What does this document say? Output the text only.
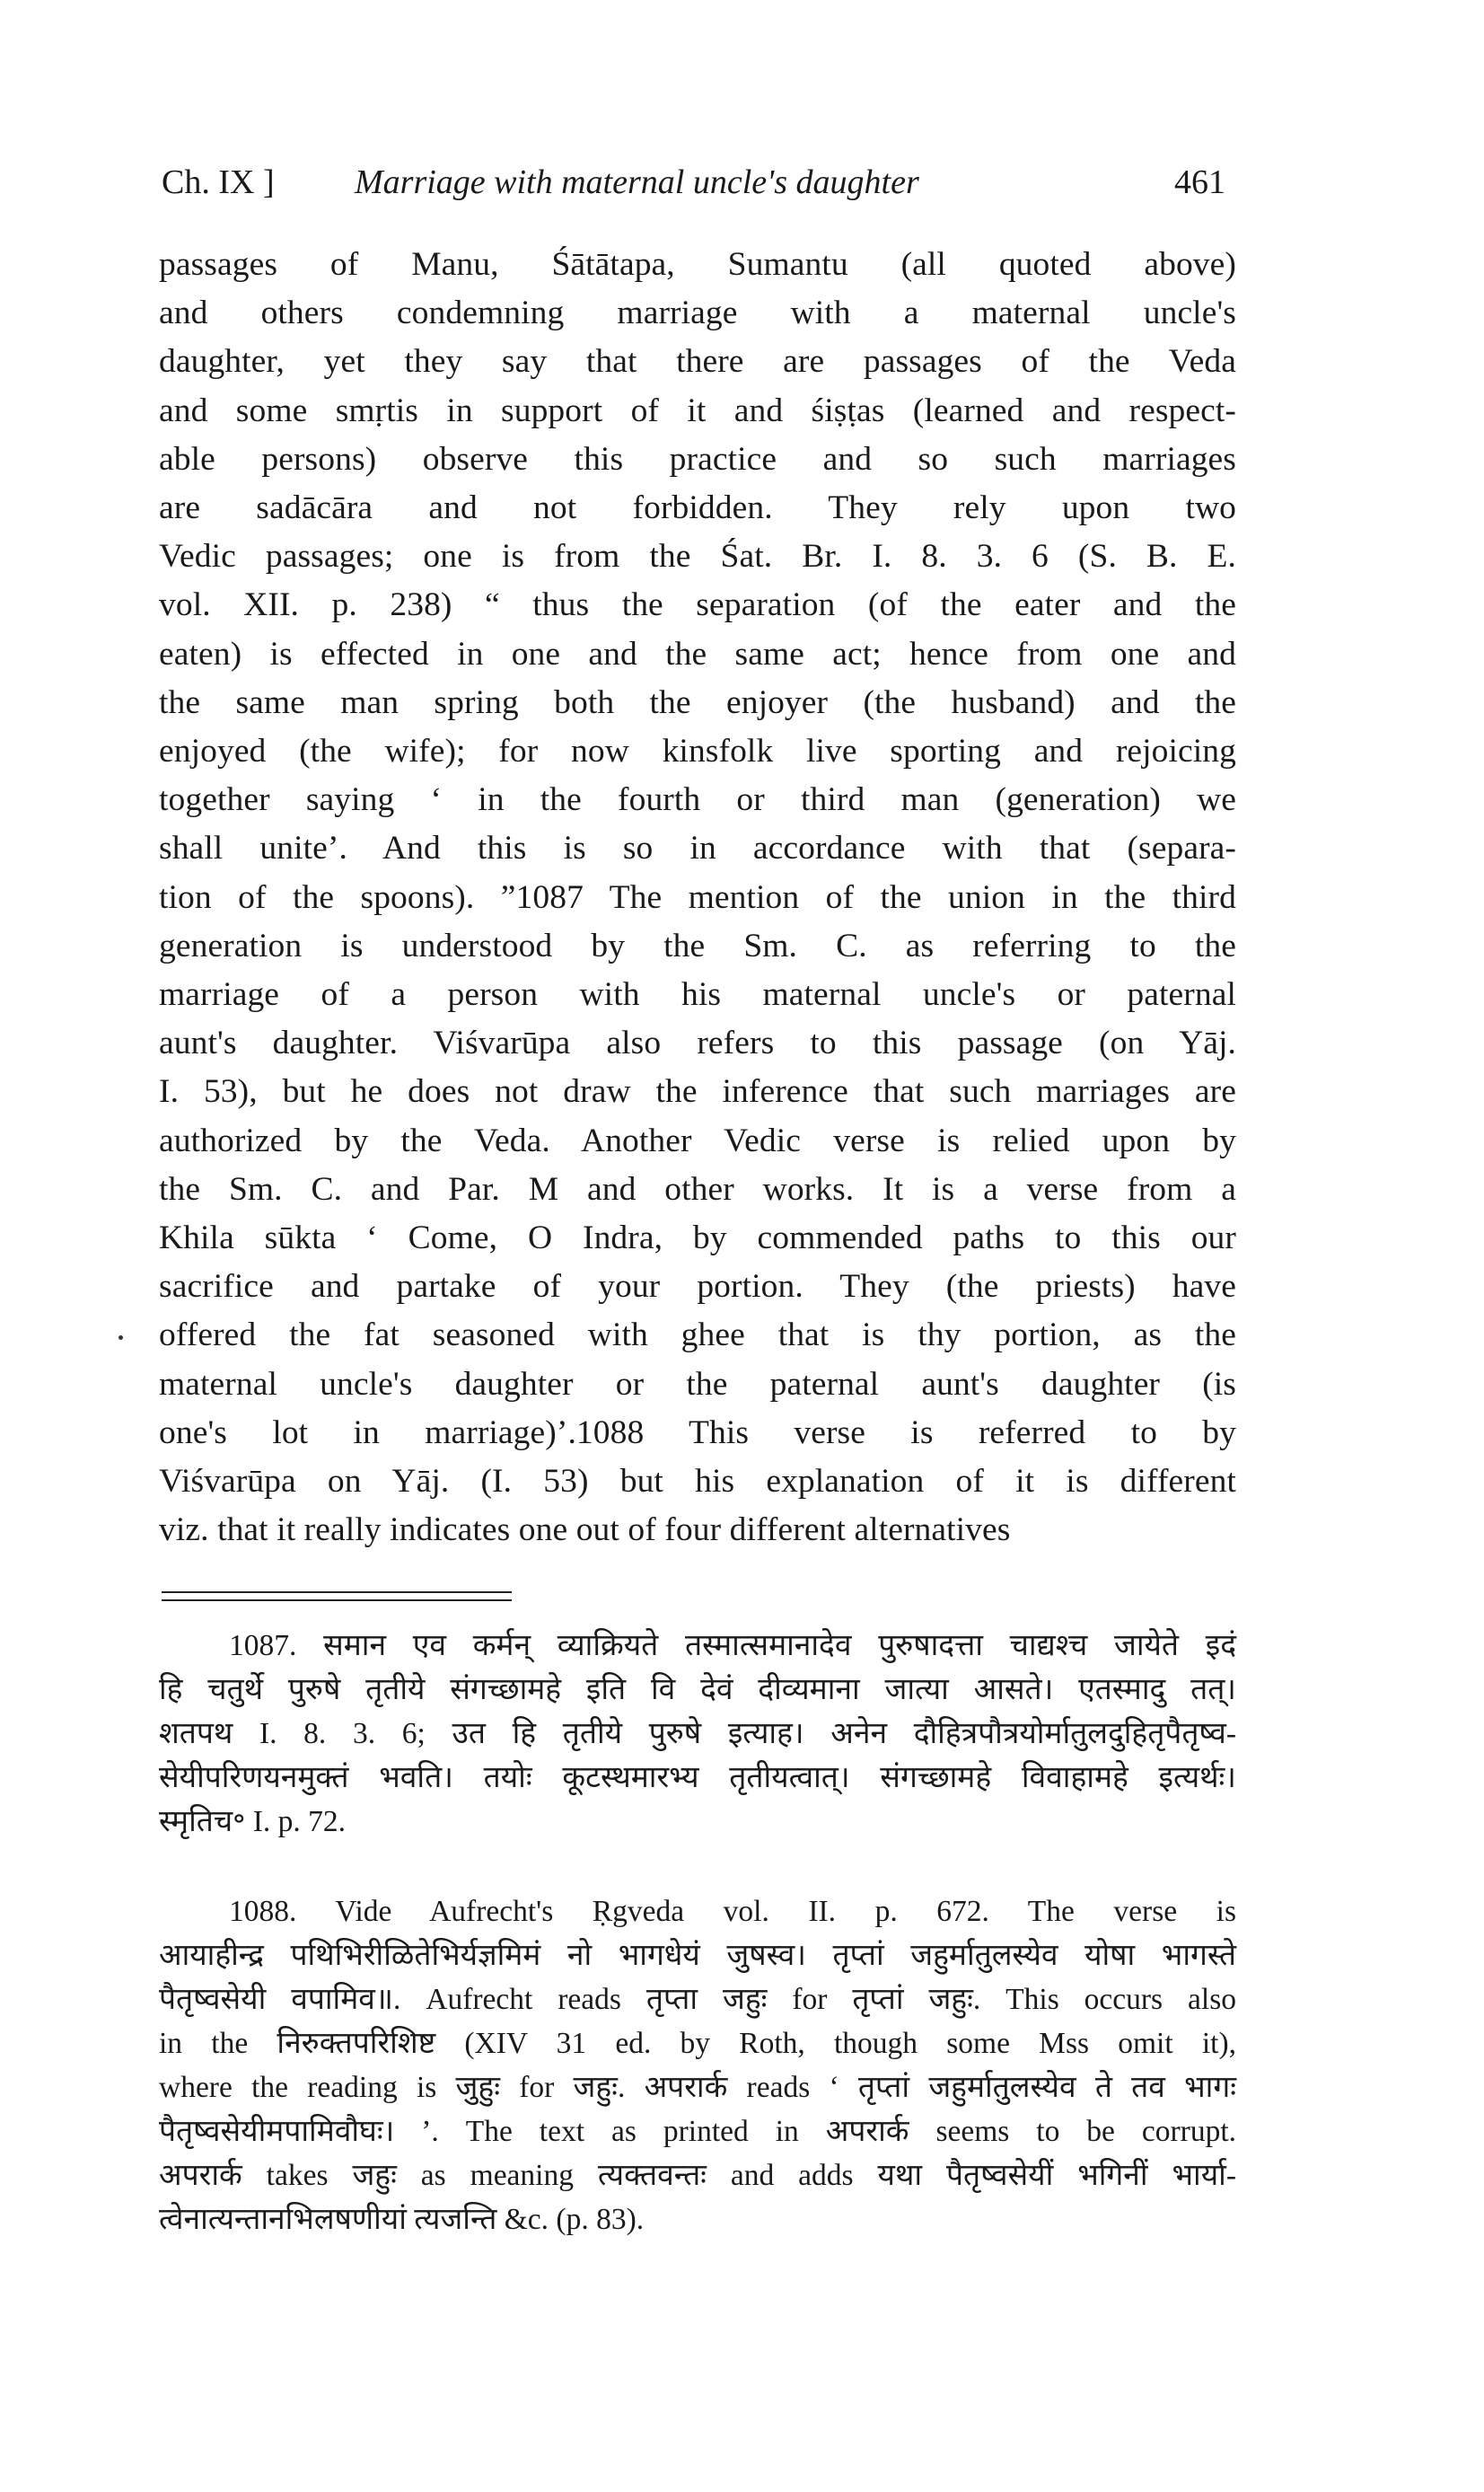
Ch. IX ] Marriage with maternal uncle's daughter	461
passages of Manu, Śātātapa, Sumantu (all quoted above)
and others condemning marriage with a maternal uncle's
daughter, yet they say that there are passages of the Veda
and some smṛtis in support of it and śiṣṭas (learned and respect-
able persons) observe this practice and so such marriages
are sadācāra and not forbidden. They rely upon two
Vedic passages; one is from the Śat. Br. I. 8. 3. 6 (S. B. E.
vol. XII. p. 238) “ thus the separation (of the eater and the
eaten) is effected in one and the same act; hence from one and
the same man spring both the enjoyer (the husband) and the
enjoyed (the wife); for now kinsfolk live sporting and rejoicing
together saying ‘ in the fourth or third man (generation) we
shall unite’. And this is so in accordance with that (separa-
tion of the spoons). ”1087 The mention of the union in the third
generation is understood by the Sm. C. as referring to the
marriage of a person with his maternal uncle's or paternal
aunt's daughter. Viśvarūpa also refers to this passage (on Yāj.
I. 53), but he does not draw the inference that such marriages are
authorized by the Veda. Another Vedic verse is relied upon by
the Sm. C. and Par. M and other works. It is a verse from a
Khila sūkta ‘ Come, O Indra, by commended paths to this our
sacrifice and partake of your portion. They (the priests) have
offered the fat seasoned with ghee that is thy portion, as the
maternal uncle's daughter or the paternal aunt's daughter (is
one's lot in marriage)’.1088 This verse is referred to by
Viśvarūpa on Yāj. (I. 53) but his explanation of it is different
viz. that it really indicates one out of four different alternatives
1087. समान एव कर्मन् व्याक्रियते तस्मात्समानादेव पुरुषादत्ता चाद्यश्च जायेते इदं
हि चतुर्थे पुरुषे तृतीये संगच्छामहे इति वि देवं दीव्यमाना जात्या आसते। एतस्मादु तत्।
शतपथ I. 8. 3. 6; उत हि तृतीये पुरुषे इत्याह। अनेन दौहित्रपौत्रयोर्मातुलदुहितृपैतृष्व-
सेयीपरिणयनमुक्तं भवति। तयोः कूटस्थमारभ्य तृतीयत्वात्। संगच्छामहे विवाहामहे इत्यर्थः।
स्मृतिच॰ I. p. 72.
1088. Vide Aufrecht's Ṛgveda vol. II. p. 672. The verse is
आयाहीन्द्र पथिभिरीळितेभिर्यज्ञमिमं नो भागधेयं जुषस्व। तृप्तां जहुर्मातुलस्येव योषा भागस्ते
पैतृष्वसेयी वपामिव॥. Aufrecht reads तृप्ता जहुः for तृप्तां जहुः. This occurs also
in the निरुक्तपरिशिष्ट (XIV 31 ed. by Roth, though some Mss omit it),
where the reading is जुहुः for जहुः. अपरार्क reads ‘ तृप्तां जहुर्मातुलस्येव ते तव भागः
पैतृष्वसेयीमपामिवौघः। ’. The text as printed in अपरार्क seems to be corrupt.
अपरार्क takes जहुः as meaning त्यक्तवन्तः and adds यथा पैतृष्वसेयीं भगिनीं भार्या-
त्वेनात्यन्तानभिलषणीयां त्यजन्ति &c. (p. 83).
